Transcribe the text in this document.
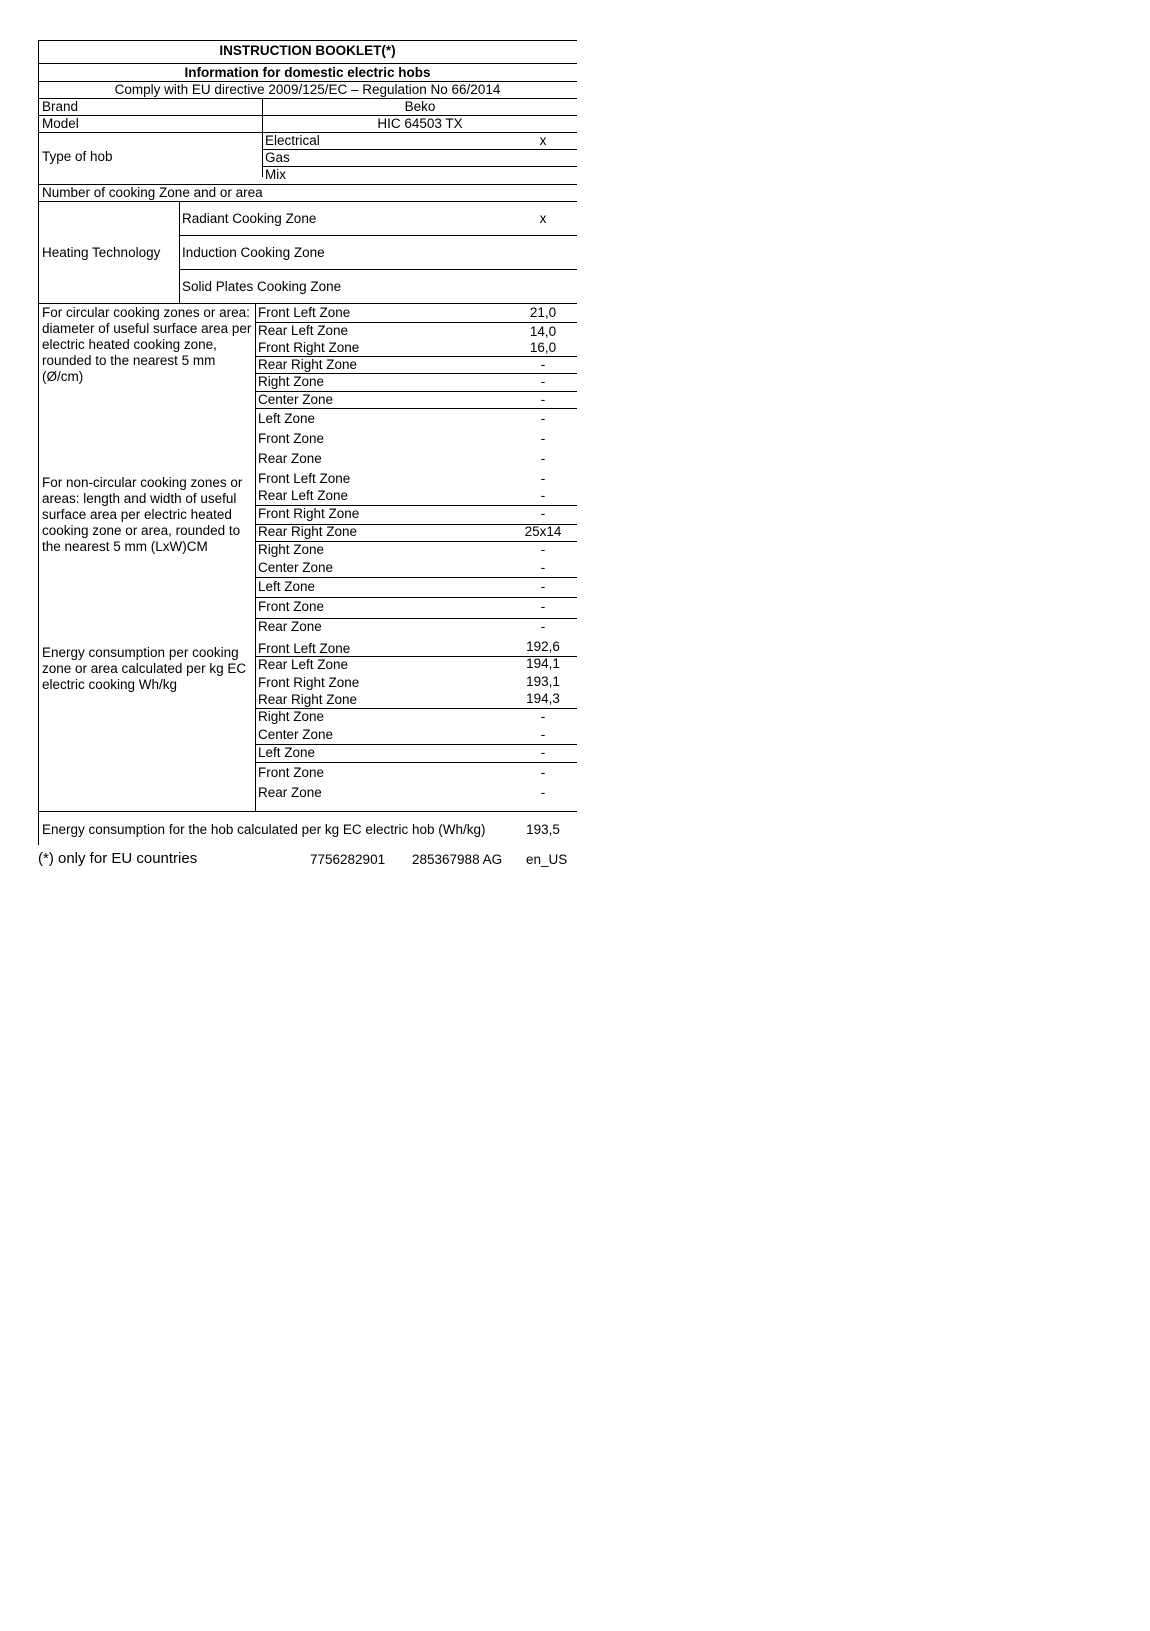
INSTRUCTION BOOKLET(*)
Information for domestic electric hobs
Comply with EU directive 2009/125/EC – Regulation No 66/2014
Brand	Beko
Model	HIC 64503 TX
Type of hob
Electrical	x
Gas
Mix
Number of cooking Zone and or area
Heating Technology
Radiant Cooking Zone	x
Induction Cooking Zone
Solid Plates Cooking Zone
For circular cooking zones or area: diameter of useful surface area per electric heated cooking zone, rounded to the nearest 5 mm (Ø/cm)
Front Left Zone	21,0
Rear Left Zone	14,0
Front Right Zone	16,0
Rear Right Zone	-
Right Zone	-
Center Zone	-
Left Zone	-
Front Zone	-
Rear Zone	-
For non-circular cooking zones or areas: length and width of useful surface area per electric heated cooking zone or area, rounded to the nearest 5 mm (LxW)CM
Front Left Zone	-
Rear Left Zone	-
Front Right Zone	-
Rear Right Zone	25x14
Right Zone	-
Center Zone	-
Left Zone	-
Front Zone	-
Rear Zone	-
Energy consumption per cooking zone or area calculated per kg EC electric cooking Wh/kg
Front Left Zone	192,6
Rear Left Zone	194,1
Front Right Zone	193,1
Rear Right Zone	194,3
Right Zone	-
Center Zone	-
Left Zone	-
Front Zone	-
Rear Zone	-
Energy consumption for the hob calculated per kg EC electric hob (Wh/kg)	193,5
(*) only for EU countries	7756282901 285367988 AG en_US
